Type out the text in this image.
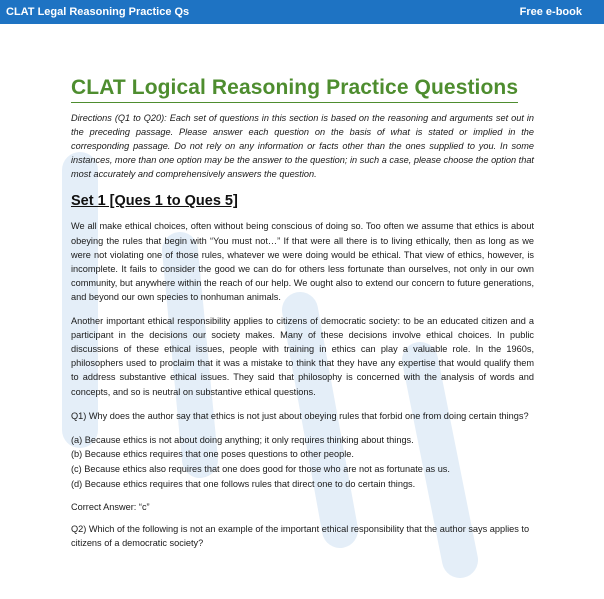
CLAT Legal Reasoning Practice Qs	Free e-book
CLAT Logical Reasoning Practice Questions
Directions (Q1 to Q20): Each set of questions in this section is based on the reasoning and arguments set out in the preceding passage. Please answer each question on the basis of what is stated or implied in the corresponding passage. Do not rely on any information or facts other than the ones supplied to you. In some instances, more than one option may be the answer to the question; in such a case, please choose the option that most accurately and comprehensively answers the question.
Set 1 [Ques 1 to Ques 5]
We all make ethical choices, often without being conscious of doing so. Too often we assume that ethics is about obeying the rules that begin with “You must not…” If that were all there is to living ethically, then as long as we were not violating one of those rules, whatever we were doing would be ethical. That view of ethics, however, is incomplete. It fails to consider the good we can do for others less fortunate than ourselves, not only in our own community, but anywhere within the reach of our help. We ought also to extend our concern to future generations, and beyond our own species to nonhuman animals.
Another important ethical responsibility applies to citizens of democratic society: to be an educated citizen and a participant in the decisions our society makes. Many of these decisions involve ethical choices. In public discussions of these ethical issues, people with training in ethics can play a valuable role. In the 1960s, philosophers used to proclaim that it was a mistake to think that they have any expertise that would qualify them to address substantive ethical issues. They said that philosophy is concerned with the analysis of words and concepts, and so is neutral on substantive ethical questions.
Q1) Why does the author say that ethics is not just about obeying rules that forbid one from doing certain things?
(a) Because ethics is not about doing anything; it only requires thinking about things.
(b) Because ethics requires that one poses questions to other people.
(c) Because ethics also requires that one does good for those who are not as fortunate as us.
(d) Because ethics requires that one follows rules that direct one to do certain things.
Correct Answer: “c”
Q2) Which of the following is not an example of the important ethical responsibility that the author says applies to citizens of a democratic society?
